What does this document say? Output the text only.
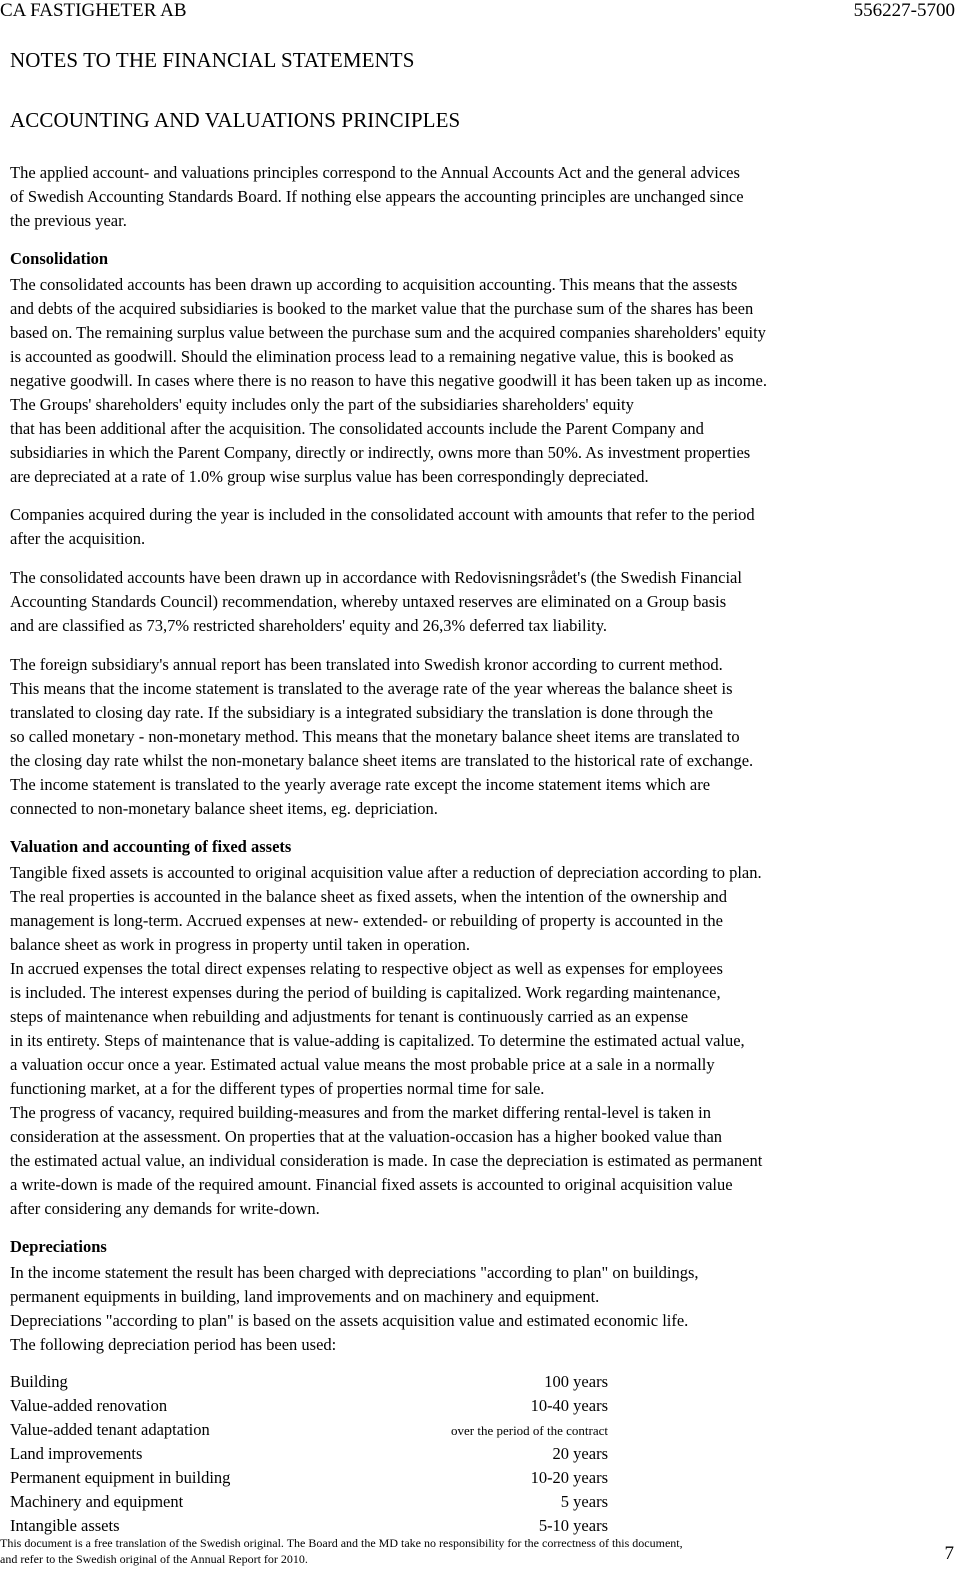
CA FASTIGHETER AB	556227-5700
NOTES TO THE FINANCIAL STATEMENTS
ACCOUNTING AND VALUATIONS PRINCIPLES
The applied account- and valuations principles correspond to the Annual Accounts Act and the general advices
of Swedish Accounting Standards Board. If nothing else appears the accounting principles are unchanged since
the previous year.
Consolidation
The consolidated accounts has been drawn up according to acquisition accounting. This means that the assests
and debts of the acquired subsidiaries is booked to the market value that the purchase sum of the shares has been
based on. The remaining surplus value between the purchase sum and the acquired companies shareholders' equity
is accounted as goodwill. Should the elimination process lead to a remaining negative value, this is booked as
negative goodwill. In cases where there is no reason to have this negative goodwill it has been taken up as income.
The Groups' shareholders' equity includes only the part of the subsidiaries shareholders' equity
that has been additional after the acquisition. The consolidated accounts include the Parent Company and
subsidiaries in which the Parent Company, directly or indirectly, owns more than 50%. As investment properties
are depreciated at a rate of 1.0% group wise surplus value has been correspondingly depreciated.
Companies acquired during the year is included in the consolidated account with amounts that refer to the period
after the acquisition.
The consolidated accounts have been drawn up in accordance with Redovisningsrådet's (the Swedish Financial
Accounting Standards Council) recommendation, whereby untaxed reserves are eliminated on a Group basis
and are classified as 73,7% restricted shareholders' equity and 26,3% deferred tax liability.
The foreign subsidiary's annual report has been translated into Swedish kronor according to current method.
This means that the income statement is translated to the average rate of the year whereas the balance sheet is
translated to closing day rate. If the subsidiary is a integrated subsidiary the translation is done through the
so called monetary - non-monetary method. This means that the monetary balance sheet items are translated to
the closing day rate whilst the non-monetary balance sheet items are translated to the historical rate of exchange.
The income statement is translated to the yearly average rate except the income statement items which are
connected to non-monetary balance sheet items, eg. depriciation.
Valuation and accounting of fixed assets
Tangible fixed assets is accounted to original acquisition value after a reduction of depreciation according to plan.
The real properties is accounted in the balance sheet as fixed assets, when the intention of the ownership and
management is long-term. Accrued expenses at new- extended- or rebuilding of property is accounted in the
balance sheet as work in progress in property until taken in operation.
In accrued expenses the total direct expenses relating to respective object as well as expenses for employees
is included. The interest expenses during the period of building is capitalized. Work regarding maintenance,
steps of maintenance when rebuilding and adjustments for tenant is continuously carried as an expense
in its entirety. Steps of maintenance that is value-adding is capitalized. To determine the estimated actual value,
a valuation occur once a year. Estimated actual value means the most probable price at a sale in a normally
functioning market, at a for the different types of properties normal time for sale.
The progress of vacancy, required building-measures and from the market differing rental-level is taken in
consideration at the assessment. On properties that at the valuation-occasion has a higher booked value than
the estimated actual value, an individual consideration is made. In case the depreciation is estimated as permanent
a write-down is made of the required amount. Financial fixed assets is accounted to original acquisition value
after considering any demands for write-down.
Depreciations
In the income statement the result has been charged with depreciations "according to plan" on buildings,
permanent equipments in building, land improvements and on machinery and equipment.
Depreciations "according to plan" is based on the assets acquisition value and estimated economic life.
The following depreciation period has been used:
Building	100 years
Value-added renovation	10-40 years
Value-added tenant adaptation	over the period of the contract
Land improvements	20 years
Permanent equipment in building	10-20 years
Machinery and equipment	5 years
Intangible assets	5-10 years
This document is a free translation of the Swedish original. The Board and the MD take no responsibility for the correctness of this document,
and refer to the Swedish original of the Annual Report for 2010.	7
